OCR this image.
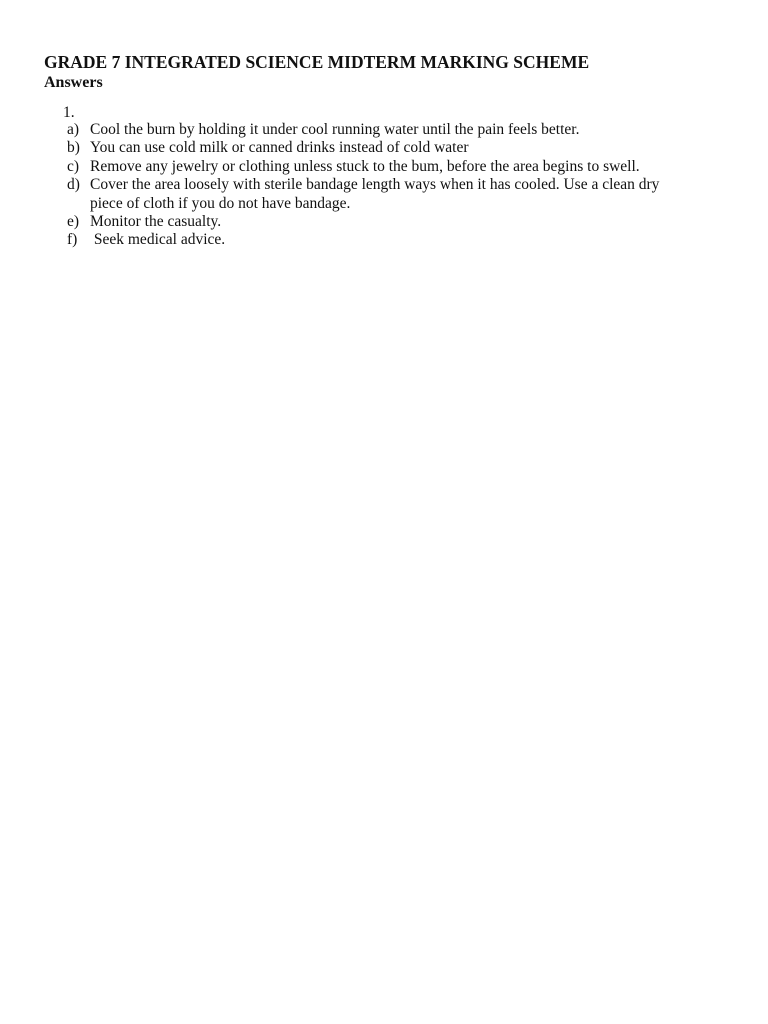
GRADE 7 INTEGRATED SCIENCE MIDTERM MARKING SCHEME
Answers
1.
a) Cool the burn by holding it under cool running water until the pain feels better.
b) You can use cold milk or canned drinks instead of cold water
c) Remove any jewelry or clothing unless stuck to the bum, before the area begins to swell.
d) Cover the area loosely with sterile bandage length ways when it has cooled. Use a clean dry
piece of cloth if you do not have bandage.
e) Monitor the casualty.
f) Seek medical advice.
